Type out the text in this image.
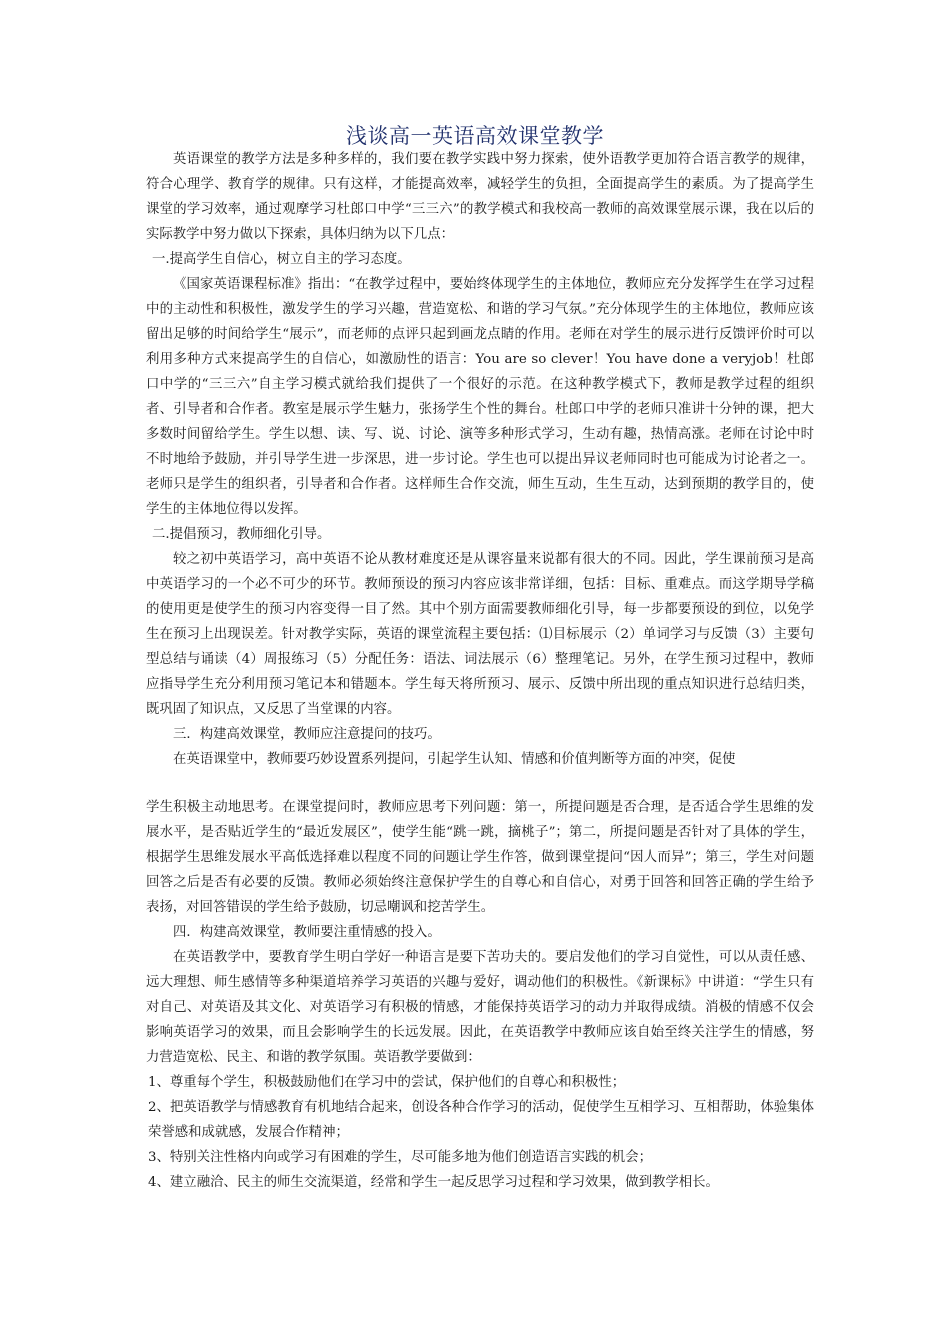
浅谈高一英语高效课堂教学

英语课堂的教学方法是多种多样的，我们要在教学实践中努力探索，使外语教学更加符合语言教学的规律，符合心理学、教育学的规律。只有这样，才能提高效率，减轻学生的负担，全面提高学生的素质。为了提高学生课堂的学习效率，通过观摩学习杜郎口中学“三三六”的教学模式和我校高一教师的高效课堂展示课，我在以后的实际教学中努力做以下探索，具体归纳为以下几点：

一.提高学生自信心，树立自主的学习态度。

《国家英语课程标准》指出：“在教学过程中，要始终体现学生的主体地位，教师应充分发挥学生在学习过程中的主动性和积极性，激发学生的学习兴趣，营造宽松、和谐的学习气氛。”充分体现学生的主体地位，教师应该留出足够的时间给学生“展示”，而老师的点评只起到画龙点睛的作用。老师在对学生的展示进行反馈评价时可以利用多种方式来提高学生的自信心，如激励性的语言：You are so clever！You have done a veryjob！杜郎口中学的“三三六”自主学习模式就给我们提供了一个很好的示范。在这种教学模式下，教师是教学过程的组织者、引导者和合作者。教室是展示学生魅力，张扬学生个性的舞台。杜郎口中学的老师只准讲十分钟的课，把大多数时间留给学生。学生以想、读、写、说、讨论、演等多种形式学习，生动有趣，热情高涨。老师在讨论中时不时地给予鼓励，并引导学生进一步深思，进一步讨论。学生也可以提出异议老师同时也可能成为讨论者之一。老师只是学生的组织者，引导者和合作者。这样师生合作交流，师生互动，生生互动，达到预期的教学目的，使学生的主体地位得以发挥。

二.提倡预习，教师细化引导。

较之初中英语学习，高中英语不论从教材难度还是从课容量来说都有很大的不同。因此，学生课前预习是高中英语学习的一个必不可少的环节。教师预设的预习内容应该非常详细，包括：目标、重难点。而这学期导学稿的使用更是使学生的预习内容变得一目了然。其中个别方面需要教师细化引导，每一步都要预设的到位，以免学生在预习上出现误差。针对教学实际，英语的课堂流程主要包括：⑴目标展示（2）单词学习与反馈（3）主要句型总结与诵读（4）周报练习（5）分配任务：语法、词法展示（6）整理笔记。另外，在学生预习过程中，教师应指导学生充分利用预习笔记本和错题本。学生每天将所预习、展示、反馈中所出现的重点知识进行总结归类，既巩固了知识点，又反思了当堂课的内容。

三．构建高效课堂，教师应注意提问的技巧。

在英语课堂中，教师要巧妙设置系列提问，引起学生认知、情感和价值判断等方面的冲突，促使

学生积极主动地思考。在课堂提问时，教师应思考下列问题：第一，所提问题是否合理，是否适合学生思维的发展水平，是否贴近学生的“最近发展区”，使学生能“跳一跳，摘桃子”；第二，所提问题是否针对了具体的学生，根据学生思维发展水平高低选择难以程度不同的问题让学生作答，做到课堂提问“因人而异”；第三，学生对问题回答之后是否有必要的反馈。教师必须始终注意保护学生的自尊心和自信心，对勇于回答和回答正确的学生给予表扬，对回答错误的学生给予鼓励，切忌嘲讽和挖苦学生。

四．构建高效课堂，教师要注重情感的投入。

在英语教学中，要教育学生明白学好一种语言是要下苦功夫的。要启发他们的学习自觉性，可以从责任感、远大理想、师生感情等多种渠道培养学习英语的兴趣与爱好，调动他们的积极性。《新课标》中讲道：“学生只有对自己、对英语及其文化、对英语学习有积极的情感，才能保持英语学习的动力并取得成绩。消极的情感不仅会影响英语学习的效果，而且会影响学生的长远发展。因此，在英语教学中教师应该自始至终关注学生的情感，努力营造宽松、民主、和谐的教学氛围。英语教学要做到：

1、尊重每个学生，积极鼓励他们在学习中的尝试，保护他们的自尊心和积极性；

2、把英语教学与情感教育有机地结合起来，创设各种合作学习的活动，促使学生互相学习、互相帮助，体验集体荣誉感和成就感，发展合作精神；

3、特别关注性格内向或学习有困难的学生，尽可能多地为他们创造语言实践的机会；

4、建立融洽、民主的师生交流渠道，经常和学生一起反思学习过程和学习效果，做到教学相长。
